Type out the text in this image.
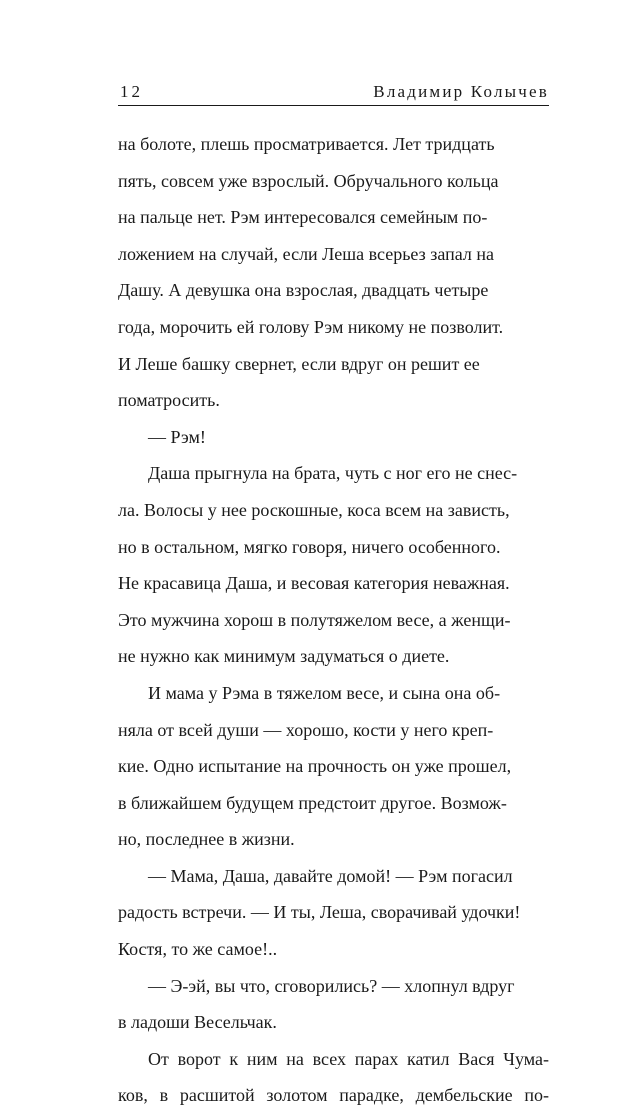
12	Владимир Колычев

на болоте, плешь просматривается. Лет тридцать
пять, совсем уже взрослый. Обручального кольца
на пальце нет. Рэм интересовался семейным по-
ложением на случай, если Леша всерьез запал на
Дашу. А девушка она взрослая, двадцать четыре
года, морочить ей голову Рэм никому не позволит.
И Леше башку свернет, если вдруг он решит ее
поматросить.

— Рэм!

Даша прыгнула на брата, чуть с ног его не снес-
ла. Волосы у нее роскошные, коса всем на зависть,
но в остальном, мягко говоря, ничего особенного.
Не красавица Даша, и весовая категория неважная.
Это мужчина хорош в полутяжелом весе, а женщи-
не нужно как минимум задуматься о диете.

И мама у Рэма в тяжелом весе, и сына она об-
няла от всей души — хорошо, кости у него креп-
кие. Одно испытание на прочность он уже прошел,
в ближайшем будущем предстоит другое. Возмож-
но, последнее в жизни.

— Мама, Даша, давайте домой! — Рэм погасил
радость встречи. — И ты, Леша, сворачивай удочки!
Костя, то же самое!..

— Э-эй, вы что, сговорились? — хлопнул вдруг
в ладоши Весельчак.

От ворот к ним на всех парах катил Вася Чума-
ков, в расшитой золотом парадке, дембельские по-
